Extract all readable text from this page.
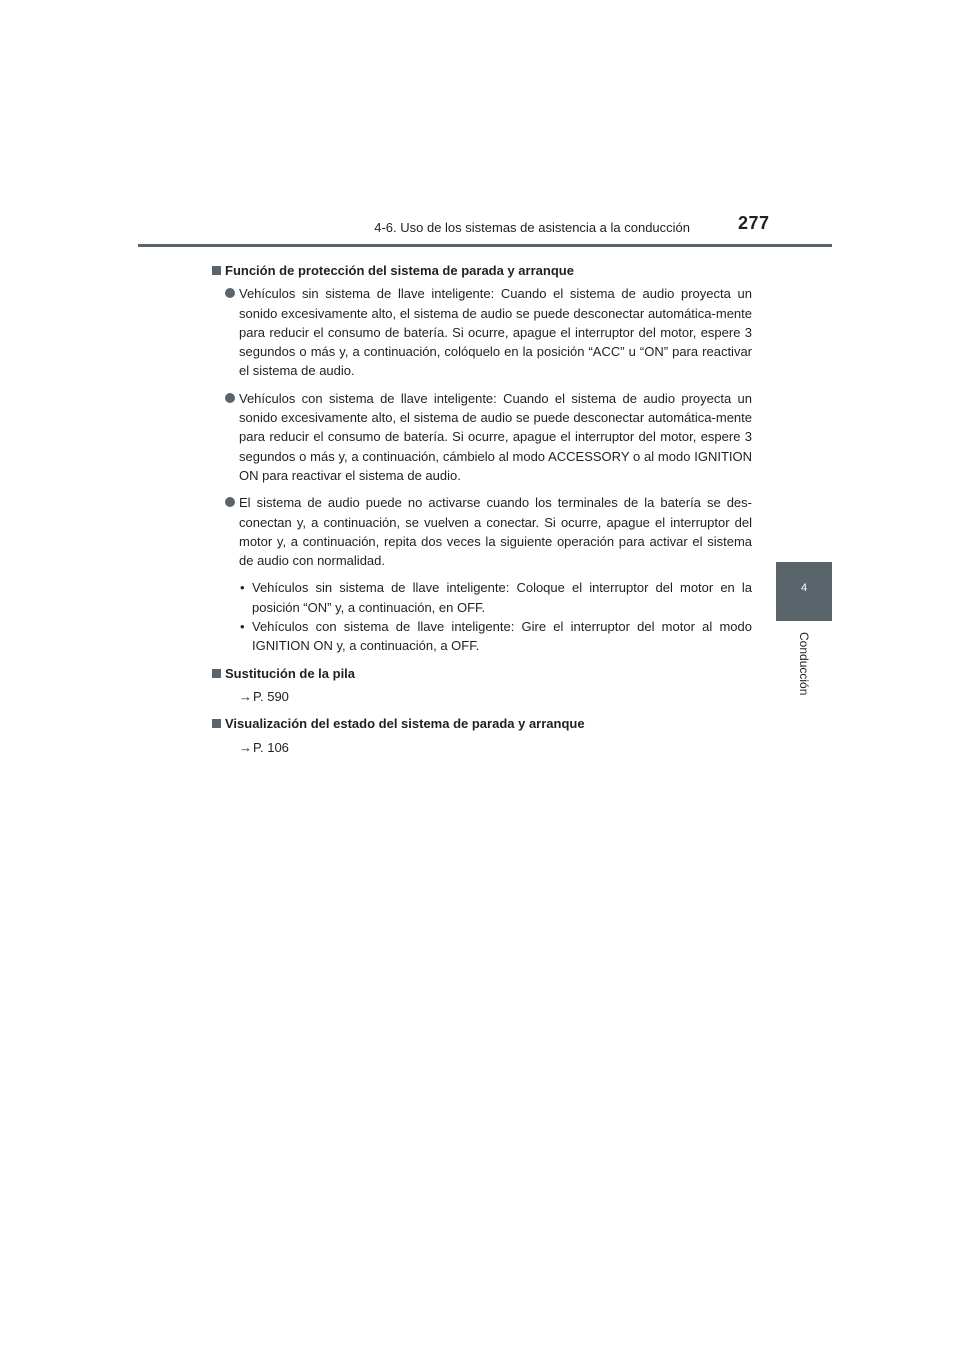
4-6. Uso de los sistemas de asistencia a la conducción	277
4
Conducción
Función de protección del sistema de parada y arranque
Vehículos sin sistema de llave inteligente: Cuando el sistema de audio proyecta un sonido excesivamente alto, el sistema de audio se puede desconectar automática-mente para reducir el consumo de batería. Si ocurre, apague el interruptor del motor, espere 3 segundos o más y, a continuación, colóquelo en la posición “ACC” u “ON” para reactivar el sistema de audio.
Vehículos con sistema de llave inteligente: Cuando el sistema de audio proyecta un sonido excesivamente alto, el sistema de audio se puede desconectar automática-mente para reducir el consumo de batería. Si ocurre, apague el interruptor del motor, espere 3 segundos o más y, a continuación, cámbielo al modo ACCESSORY o al modo IGNITION ON para reactivar el sistema de audio.
El sistema de audio puede no activarse cuando los terminales de la batería se des-conectan y, a continuación, se vuelven a conectar. Si ocurre, apague el interruptor del motor y, a continuación, repita dos veces la siguiente operación para activar el sistema de audio con normalidad.
• Vehículos sin sistema de llave inteligente: Coloque el interruptor del motor en la posición “ON” y, a continuación, en OFF.
• Vehículos con sistema de llave inteligente: Gire el interruptor del motor al modo IGNITION ON y, a continuación, a OFF.
Sustitución de la pila
→P. 590
Visualización del estado del sistema de parada y arranque
→P. 106
